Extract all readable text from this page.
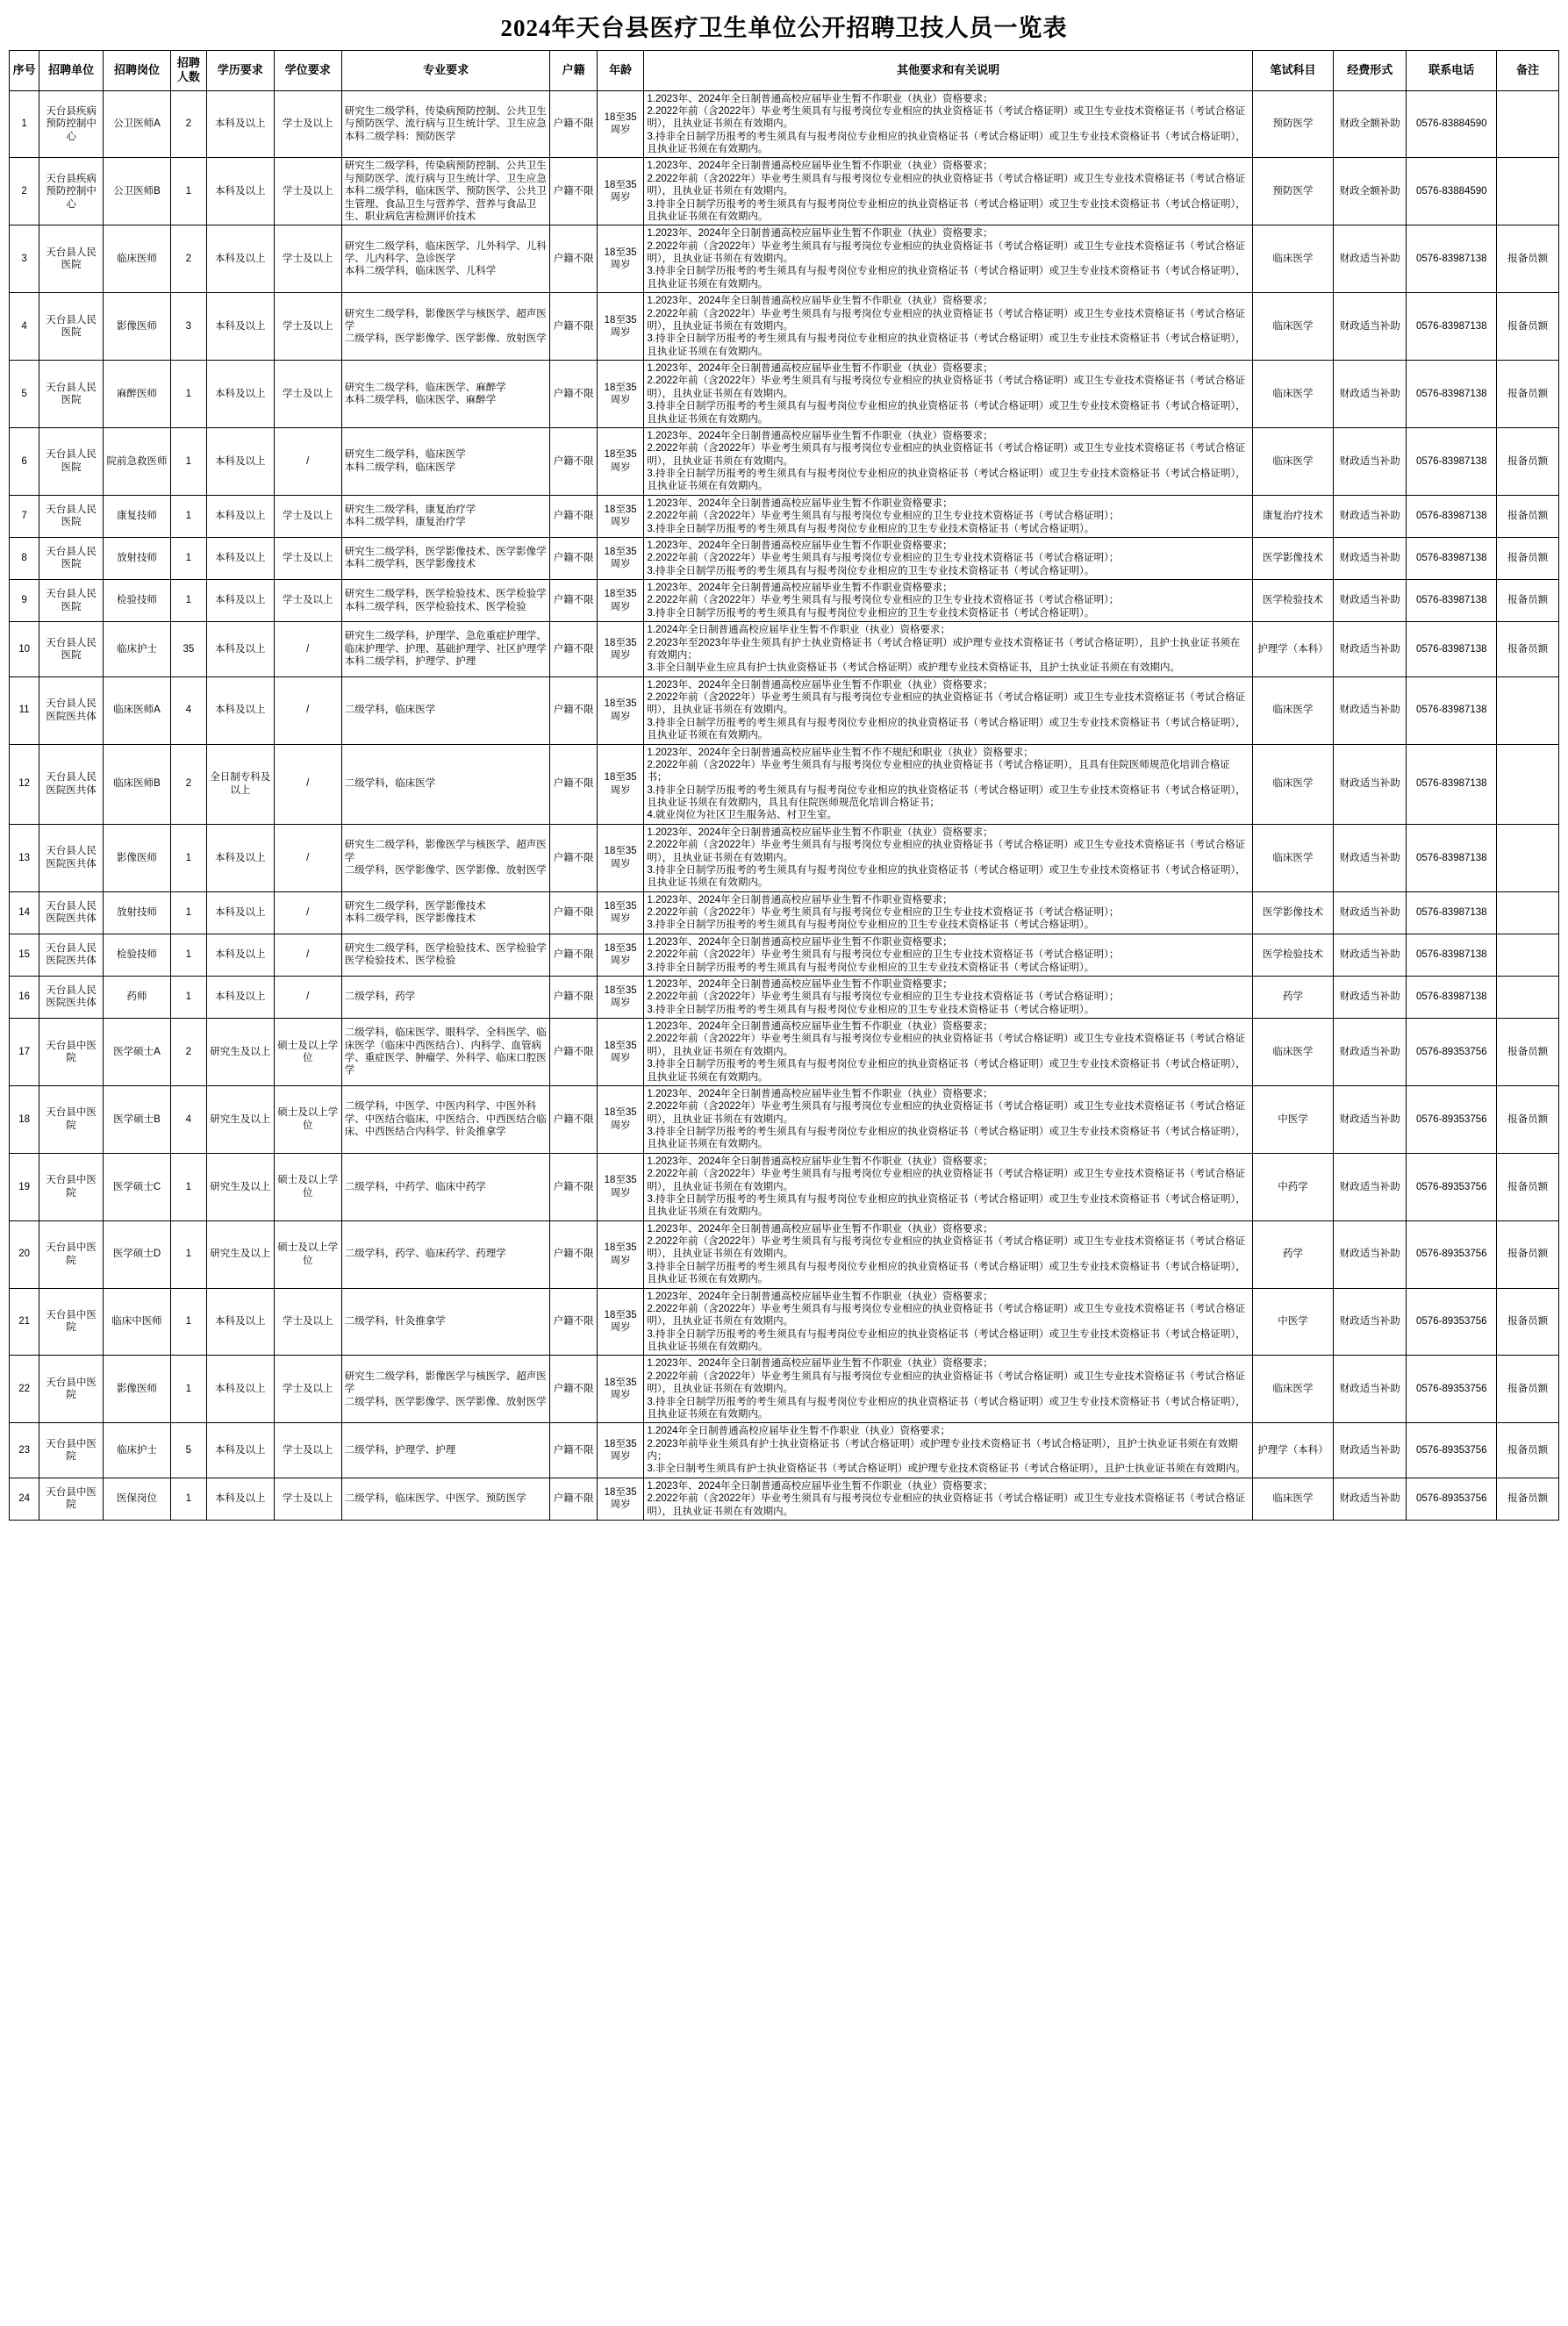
2024年天台县医疗卫生单位公开招聘卫技人员一览表
序号	招聘单位	招聘岗位	招聘人数	学历要求	学位要求	专业要求	户籍	年龄	其他要求和有关说明	笔试科目	经费形式	联系电话	备注
1	天台县疾病预防控制中心	公卫医师A	2	本科及以上	学士及以上	研究生二级学科，传染病预防控制、公共卫生与预防医学、流行病与卫生统计学、卫生应急
本科二级学科：预防医学	户籍不限	18至35周岁	1.2023年、2024年全日制普通高校应届毕业生暂不作职业（执业）资格要求；
2.2022年前（含2022年）毕业考生须具有与报考岗位专业相应的执业资格证书（考试合格证明）或卫生专业技术资格证书（考试合格证明），且执业证书须在有效期内。
3.持非全日制学历报考的考生须具有与报考岗位专业相应的执业资格证书（考试合格证明）或卫生专业技术资格证书（考试合格证明），且执业证书须在有效期内。	预防医学	财政全额补助	0576-83884590	
2	天台县疾病预防控制中心	公卫医师B	1	本科及以上	学士及以上	研究生二级学科，传染病预防控制、公共卫生与预防医学、流行病与卫生统计学、卫生应急
本科二级学科，临床医学、预防医学、公共卫生管理、食品卫生与营养学、营养与食品卫生、职业病危害检测评价技术	户籍不限	18至35周岁	1.2023年、2024年全日制普通高校应届毕业生暂不作职业（执业）资格要求；
2.2022年前（含2022年）毕业考生须具有与报考岗位专业相应的执业资格证书（考试合格证明）或卫生专业技术资格证书（考试合格证明），且执业证书须在有效期内。
3.持非全日制学历报考的考生须具有与报考岗位专业相应的执业资格证书（考试合格证明）或卫生专业技术资格证书（考试合格证明），且执业证书须在有效期内。	预防医学	财政全额补助	0576-83884590	
3	天台县人民医院	临床医师	2	本科及以上	学士及以上	研究生二级学科，临床医学、儿外科学、儿科学、儿内科学、急诊医学
本科二级学科，临床医学、儿科学	户籍不限	18至35周岁	1.2023年、2024年全日制普通高校应届毕业生暂不作职业（执业）资格要求；
2.2022年前（含2022年）毕业考生须具有与报考岗位专业相应的执业资格证书（考试合格证明）或卫生专业技术资格证书（考试合格证明），且执业证书须在有效期内。
3.持非全日制学历报考的考生须具有与报考岗位专业相应的执业资格证书（考试合格证明）或卫生专业技术资格证书（考试合格证明），且执业证书须在有效期内。	临床医学	财政适当补助	0576-83987138	报备员额
4	天台县人民医院	影像医师	3	本科及以上	学士及以上	研究生二级学科，影像医学与核医学、超声医学
二级学科，医学影像学、医学影像、放射医学	户籍不限	18至35周岁	1.2023年、2024年全日制普通高校应届毕业生暂不作职业（执业）资格要求；
2.2022年前（含2022年）毕业考生须具有与报考岗位专业相应的执业资格证书（考试合格证明）或卫生专业技术资格证书（考试合格证明），且执业证书须在有效期内。
3.持非全日制学历报考的考生须具有与报考岗位专业相应的执业资格证书（考试合格证明）或卫生专业技术资格证书（考试合格证明），且执业证书须在有效期内。	临床医学	财政适当补助	0576-83987138	报备员额
5	天台县人民医院	麻醉医师	1	本科及以上	学士及以上	研究生二级学科，临床医学、麻醉学
本科二级学科，临床医学、麻醉学	户籍不限	18至35周岁	1.2023年、2024年全日制普通高校应届毕业生暂不作职业（执业）资格要求；
2.2022年前（含2022年）毕业考生须具有与报考岗位专业相应的执业资格证书（考试合格证明）或卫生专业技术资格证书（考试合格证明），且执业证书须在有效期内。
3.持非全日制学历报考的考生须具有与报考岗位专业相应的执业资格证书（考试合格证明）或卫生专业技术资格证书（考试合格证明），且执业证书须在有效期内。	临床医学	财政适当补助	0576-83987138	报备员额
6	天台县人民医院	院前急救医师	1	本科及以上	/	研究生二级学科，临床医学
本科二级学科，临床医学	户籍不限	18至35周岁	1.2023年、2024年全日制普通高校应届毕业生暂不作职业（执业）资格要求；
2.2022年前（含2022年）毕业考生须具有与报考岗位专业相应的执业资格证书（考试合格证明）或卫生专业技术资格证书（考试合格证明），且执业证书须在有效期内。
3.持非全日制学历报考的考生须具有与报考岗位专业相应的执业资格证书（考试合格证明）或卫生专业技术资格证书（考试合格证明），且执业证书须在有效期内。	临床医学	财政适当补助	0576-83987138	报备员额
7	天台县人民医院	康复技师	1	本科及以上	学士及以上	研究生二级学科，康复治疗学
本科二级学科，康复治疗学	户籍不限	18至35周岁	1.2023年、2024年全日制普通高校应届毕业生暂不作职业资格要求；
2.2022年前（含2022年）毕业考生须具有与报考岗位专业相应的卫生专业技术资格证书（考试合格证明）；
3.持非全日制学历报考的考生须具有与报考岗位专业相应的卫生专业技术资格证书（考试合格证明）。	康复治疗技术	财政适当补助	0576-83987138	报备员额
8	天台县人民医院	放射技师	1	本科及以上	学士及以上	研究生二级学科，医学影像技术、医学影像学
本科二级学科，医学影像技术	户籍不限	18至35周岁	1.2023年、2024年全日制普通高校应届毕业生暂不作职业资格要求；
2.2022年前（含2022年）毕业考生须具有与报考岗位专业相应的卫生专业技术资格证书（考试合格证明）；
3.持非全日制学历报考的考生须具有与报考岗位专业相应的卫生专业技术资格证书（考试合格证明）。	医学影像技术	财政适当补助	0576-83987138	报备员额
9	天台县人民医院	检验技师	1	本科及以上	学士及以上	研究生二级学科，医学检验技术、医学检验学
本科二级学科，医学检验技术、医学检验	户籍不限	18至35周岁	1.2023年、2024年全日制普通高校应届毕业生暂不作职业资格要求；
2.2022年前（含2022年）毕业考生须具有与报考岗位专业相应的卫生专业技术资格证书（考试合格证明）；
3.持非全日制学历报考的考生须具有与报考岗位专业相应的卫生专业技术资格证书（考试合格证明）。	医学检验技术	财政适当补助	0576-83987138	报备员额
10	天台县人民医院	临床护士	35	本科及以上	/	研究生二级学科，护理学、急危重症护理学、临床护理学、护理、基础护理学、社区护理学
本科二级学科，护理学、护理	户籍不限	18至35周岁	1.2024年全日制普通高校应届毕业生暂不作职业（执业）资格要求；
2.2023年至2023年毕业生须具有护士执业资格证书（考试合格证明）或护理专业技术资格证书（考试合格证明），且护士执业证书须在有效期内；
3.非全日制毕业生应具有护士执业资格证书（考试合格证明）或护理专业技术资格证书，且护士执业证书须在有效期内。	护理学（本科）	财政适当补助	0576-83987138	报备员额
11	天台县人民医院医共体	临床医师A	4	本科及以上	/	二级学科，临床医学	户籍不限	18至35周岁	1.2023年、2024年全日制普通高校应届毕业生暂不作职业（执业）资格要求；
2.2022年前（含2022年）毕业考生须具有与报考岗位专业相应的执业资格证书（考试合格证明）或卫生专业技术资格证书（考试合格证明），且执业证书须在有效期内。
3.持非全日制学历报考的考生须具有与报考岗位专业相应的执业资格证书（考试合格证明）或卫生专业技术资格证书（考试合格证明），且执业证书须在有效期内。	临床医学	财政适当补助	0576-83987138	
12	天台县人民医院医共体	临床医师B	2	全日制专科及以上	/	二级学科，临床医学	户籍不限	18至35周岁	1.2023年、2024年全日制普通高校应届毕业生暂不作不规纪和职业（执业）资格要求；
2.2022年前（含2022年）毕业考生须具有与报考岗位专业相应的执业资格证书（考试合格证明），且具有住院医师规范化培训合格证书；
3.持非全日制学历报考的考生须具有与报考岗位专业相应的执业资格证书（考试合格证明）或卫生专业技术资格证书（考试合格证明），且执业证书须在有效期内，具且有住院医师规范化培训合格证书；
4.就业岗位为社区卫生服务站、村卫生室。	临床医学	财政适当补助	0576-83987138	
13	天台县人民医院医共体	影像医师	1	本科及以上	/	研究生二级学科，影像医学与核医学、超声医学
二级学科，医学影像学、医学影像、放射医学	户籍不限	18至35周岁	1.2023年、2024年全日制普通高校应届毕业生暂不作职业（执业）资格要求；
2.2022年前（含2022年）毕业考生须具有与报考岗位专业相应的执业资格证书（考试合格证明）或卫生专业技术资格证书（考试合格证明），且执业证书须在有效期内。
3.持非全日制学历报考的考生须具有与报考岗位专业相应的执业资格证书（考试合格证明）或卫生专业技术资格证书（考试合格证明），且执业证书须在有效期内。	临床医学	财政适当补助	0576-83987138	
14	天台县人民医院医共体	放射技师	1	本科及以上	/	研究生二级学科，医学影像技术
本科二级学科，医学影像技术	户籍不限	18至35周岁	1.2023年、2024年全日制普通高校应届毕业生暂不作职业资格要求；
2.2022年前（含2022年）毕业考生须具有与报考岗位专业相应的卫生专业技术资格证书（考试合格证明）；
3.持非全日制学历报考的考生须具有与报考岗位专业相应的卫生专业技术资格证书（考试合格证明）。	医学影像技术	财政适当补助	0576-83987138	
15	天台县人民医院医共体	检验技师	1	本科及以上	/	研究生二级学科，医学检验技术、医学检验学
医学检验技术、医学检验	户籍不限	18至35周岁	1.2023年、2024年全日制普通高校应届毕业生暂不作职业资格要求；
2.2022年前（含2022年）毕业考生须具有与报考岗位专业相应的卫生专业技术资格证书（考试合格证明）；
3.持非全日制学历报考的考生须具有与报考岗位专业相应的卫生专业技术资格证书（考试合格证明）。	医学检验技术	财政适当补助	0576-83987138	
16	天台县人民医院医共体	药师	1	本科及以上	/	二级学科，药学	户籍不限	18至35周岁	1.2023年、2024年全日制普通高校应届毕业生暂不作职业资格要求；
2.2022年前（含2022年）毕业考生须具有与报考岗位专业相应的卫生专业技术资格证书（考试合格证明）；
3.持非全日制学历报考的考生须具有与报考岗位专业相应的卫生专业技术资格证书（考试合格证明）。	药学	财政适当补助	0576-83987138	
17	天台县中医院	医学硕士A	2	研究生及以上	硕士及以上学位	二级学科，临床医学、眼科学、全科医学、临床医学（临床中西医结合）、内科学、血管病学、重症医学、肿瘤学、外科学、临床口腔医学	户籍不限	18至35周岁	1.2023年、2024年全日制普通高校应届毕业生暂不作职业（执业）资格要求；
2.2022年前（含2022年）毕业考生须具有与报考岗位专业相应的执业资格证书（考试合格证明）或卫生专业技术资格证书（考试合格证明），且执业证书须在有效期内。
3.持非全日制学历报考的考生须具有与报考岗位专业相应的执业资格证书（考试合格证明）或卫生专业技术资格证书（考试合格证明），且执业证书须在有效期内。	临床医学	财政适当补助	0576-89353756	报备员额
18	天台县中医院	医学硕士B	4	研究生及以上	硕士及以上学位	二级学科，中医学、中医内科学、中医外科学、中医结合临床、中医结合、中西医结合临床、中西医结合内科学、针灸推拿学	户籍不限	18至35周岁	1.2023年、2024年全日制普通高校应届毕业生暂不作职业（执业）资格要求；
2.2022年前（含2022年）毕业考生须具有与报考岗位专业相应的执业资格证书（考试合格证明）或卫生专业技术资格证书（考试合格证明），且执业证书须在有效期内。
3.持非全日制学历报考的考生须具有与报考岗位专业相应的执业资格证书（考试合格证明）或卫生专业技术资格证书（考试合格证明），且执业证书须在有效期内。	中医学	财政适当补助	0576-89353756	报备员额
19	天台县中医院	医学硕士C	1	研究生及以上	硕士及以上学位	二级学科，中药学、临床中药学	户籍不限	18至35周岁	1.2023年、2024年全日制普通高校应届毕业生暂不作职业（执业）资格要求；
2.2022年前（含2022年）毕业考生须具有与报考岗位专业相应的执业资格证书（考试合格证明）或卫生专业技术资格证书（考试合格证明），且执业证书须在有效期内。
3.持非全日制学历报考的考生须具有与报考岗位专业相应的执业资格证书（考试合格证明）或卫生专业技术资格证书（考试合格证明），且执业证书须在有效期内。	中药学	财政适当补助	0576-89353756	报备员额
20	天台县中医院	医学硕士D	1	研究生及以上	硕士及以上学位	二级学科，药学、临床药学、药理学	户籍不限	18至35周岁	1.2023年、2024年全日制普通高校应届毕业生暂不作职业（执业）资格要求；
2.2022年前（含2022年）毕业考生须具有与报考岗位专业相应的执业资格证书（考试合格证明）或卫生专业技术资格证书（考试合格证明），且执业证书须在有效期内。
3.持非全日制学历报考的考生须具有与报考岗位专业相应的执业资格证书（考试合格证明）或卫生专业技术资格证书（考试合格证明），且执业证书须在有效期内。	药学	财政适当补助	0576-89353756	报备员额
21	天台县中医院	临床中医师	1	本科及以上	学士及以上	二级学科，针灸推拿学	户籍不限	18至35周岁	1.2023年、2024年全日制普通高校应届毕业生暂不作职业（执业）资格要求；
2.2022年前（含2022年）毕业考生须具有与报考岗位专业相应的执业资格证书（考试合格证明）或卫生专业技术资格证书（考试合格证明），且执业证书须在有效期内。
3.持非全日制学历报考的考生须具有与报考岗位专业相应的执业资格证书（考试合格证明）或卫生专业技术资格证书（考试合格证明），且执业证书须在有效期内。	中医学	财政适当补助	0576-89353756	报备员额
22	天台县中医院	影像医师	1	本科及以上	学士及以上	研究生二级学科，影像医学与核医学、超声医学
二级学科，医学影像学、医学影像、放射医学	户籍不限	18至35周岁	1.2023年、2024年全日制普通高校应届毕业生暂不作职业（执业）资格要求；
2.2022年前（含2022年）毕业考生须具有与报考岗位专业相应的执业资格证书（考试合格证明）或卫生专业技术资格证书（考试合格证明），且执业证书须在有效期内。
3.持非全日制学历报考的考生须具有与报考岗位专业相应的执业资格证书（考试合格证明）或卫生专业技术资格证书（考试合格证明），且执业证书须在有效期内。	临床医学	财政适当补助	0576-89353756	报备员额
23	天台县中医院	临床护士	5	本科及以上	学士及以上	二级学科，护理学、护理	户籍不限	18至35周岁	1.2024年全日制普通高校应届毕业生暂不作职业（执业）资格要求；
2.2023年前毕业生须具有护士执业资格证书（考试合格证明）或护理专业技术资格证书（考试合格证明），且护士执业证书须在有效期内；
3.非全日制考生须具有护士执业资格证书（考试合格证明）或护理专业技术资格证书（考试合格证明），且护士执业证书须在有效期内。	护理学（本科）	财政适当补助	0576-89353756	报备员额
24	天台县中医院	医保岗位	1	本科及以上	学士及以上	二级学科，临床医学、中医学、预防医学	户籍不限	18至35周岁	1.2023年、2024年全日制普通高校应届毕业生暂不作职业（执业）资格要求；
2.2022年前（含2022年）毕业考生须具有与报考岗位专业相应的执业资格证书（考试合格证明）或卫生专业技术资格证书（考试合格证明），且执业证书须在有效期内。	临床医学	财政适当补助	0576-89353756	报备员额
